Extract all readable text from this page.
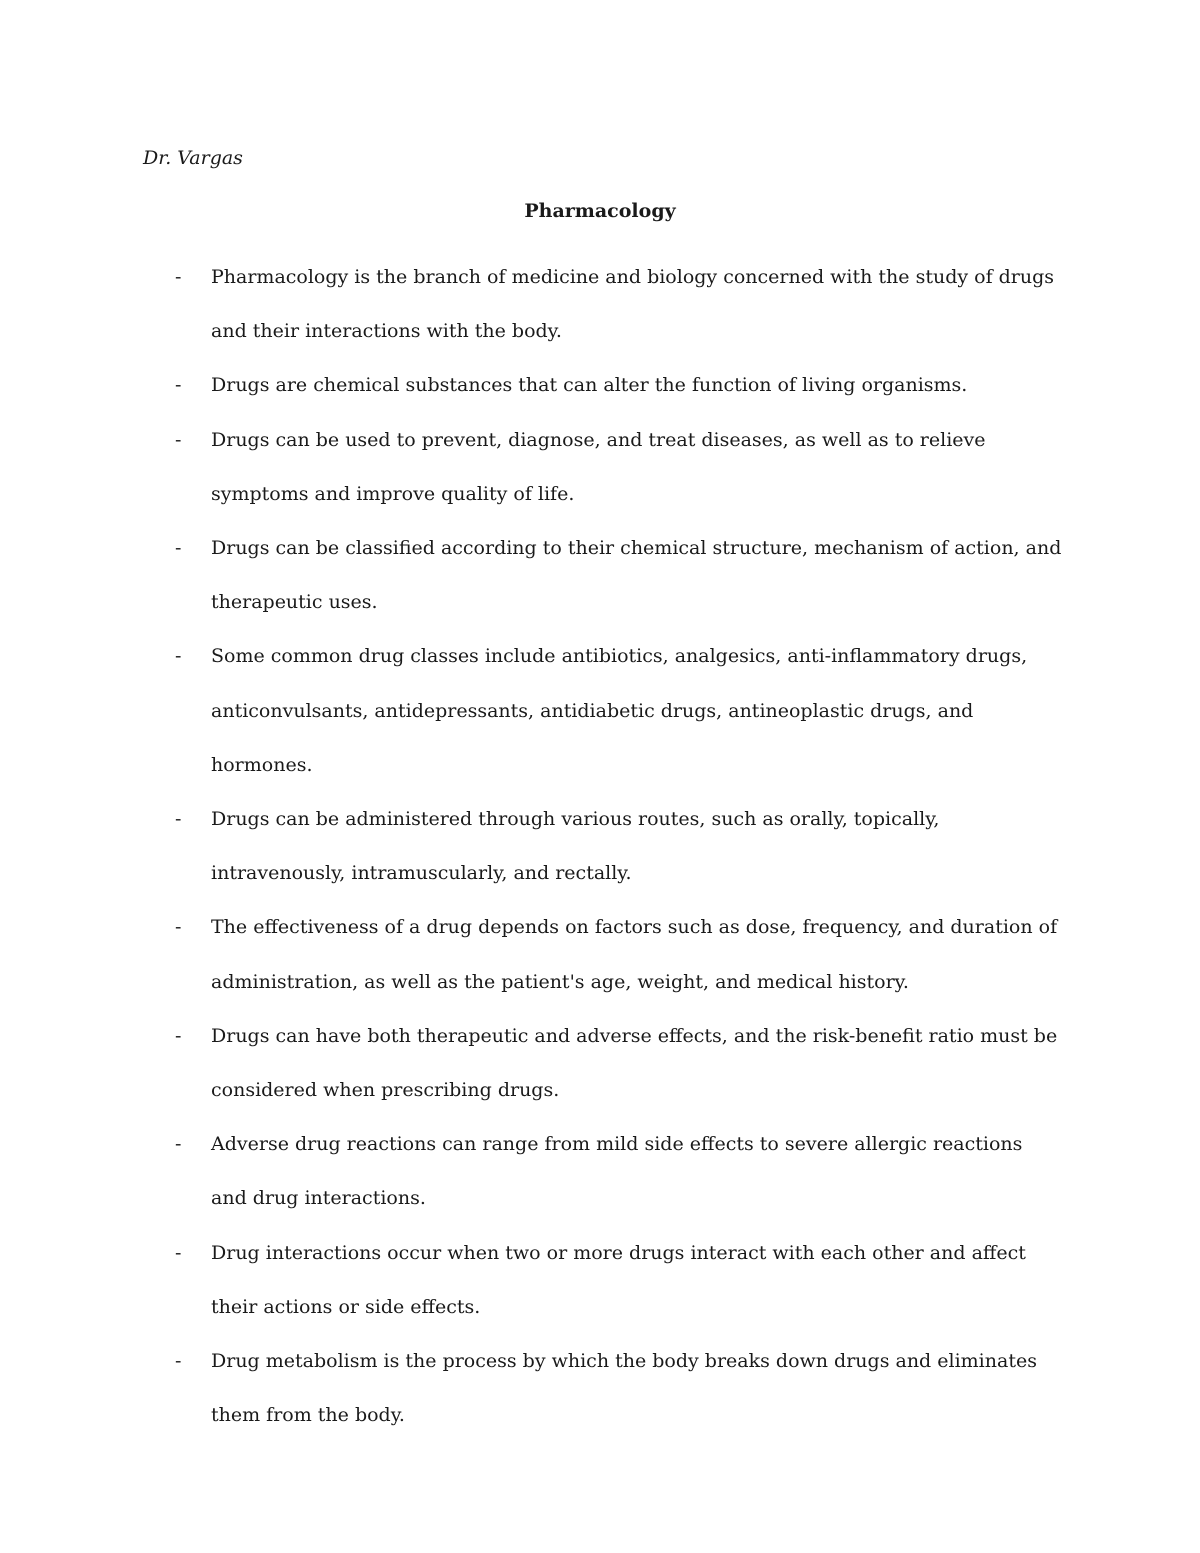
Dr. Vargas
Pharmacology
- Pharmacology is the branch of medicine and biology concerned with the study of drugs and their interactions with the body.
- Drugs are chemical substances that can alter the function of living organisms.
- Drugs can be used to prevent, diagnose, and treat diseases, as well as to relieve symptoms and improve quality of life.
- Drugs can be classified according to their chemical structure, mechanism of action, and therapeutic uses.
- Some common drug classes include antibiotics, analgesics, anti-inflammatory drugs, anticonvulsants, antidepressants, antidiabetic drugs, antineoplastic drugs, and hormones.
- Drugs can be administered through various routes, such as orally, topically, intravenously, intramuscularly, and rectally.
- The effectiveness of a drug depends on factors such as dose, frequency, and duration of administration, as well as the patient's age, weight, and medical history.
- Drugs can have both therapeutic and adverse effects, and the risk-benefit ratio must be considered when prescribing drugs.
- Adverse drug reactions can range from mild side effects to severe allergic reactions and drug interactions.
- Drug interactions occur when two or more drugs interact with each other and affect their actions or side effects.
- Drug metabolism is the process by which the body breaks down drugs and eliminates them from the body.
